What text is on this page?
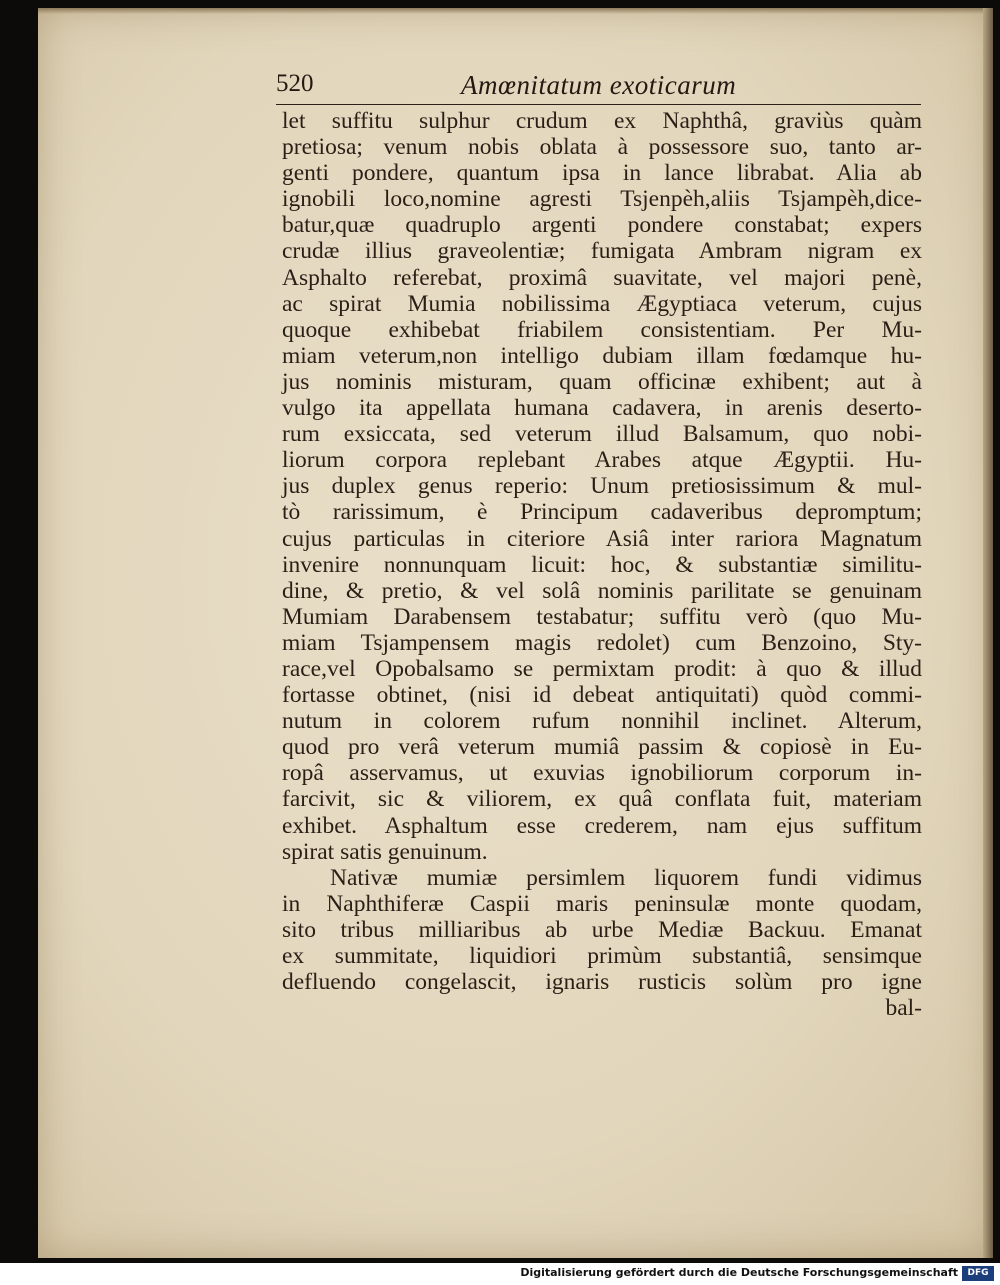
520	Amœnitatum exoticarum
let suffitu sulphur crudum ex Naphthâ, graviùs quàm
pretiosa; venum nobis oblata à possessore suo, tanto ar-
genti pondere, quantum ipsa in lance librabat. Alia ab
ignobili loco,nomine agresti Tsjenpèh,aliis Tsjampèh,dice-
batur,quæ quadruplo argenti pondere constabat; expers
crudæ illius graveolentiæ; fumigata Ambram nigram ex
Asphalto referebat, proximâ suavitate, vel majori penè,
ac spirat Mumia nobilissima Ægyptiaca veterum, cujus
quoque exhibebat friabilem consistentiam. Per Mu-
miam veterum,non intelligo dubiam illam fœdamque hu-
jus nominis misturam, quam officinæ exhibent; aut à
vulgo ita appellata humana cadavera, in arenis deserto-
rum exsiccata, sed veterum illud Balsamum, quo nobi-
liorum corpora replebant Arabes atque Ægyptii. Hu-
jus duplex genus reperio: Unum pretiosissimum & mul-
tò rarissimum, è Principum cadaveribus depromptum;
cujus particulas in citeriore Asiâ inter rariora Magnatum
invenire nonnunquam licuit: hoc, & substantiæ similitu-
dine, & pretio, & vel solâ nominis parilitate se genuinam
Mumiam Darabensem testabatur; suffitu verò (quo Mu-
miam Tsjampensem magis redolet) cum Benzoino, Sty-
race,vel Opobalsamo se permixtam prodit: à quo & illud
fortasse obtinet, (nisi id debeat antiquitati) quòd commi-
nutum in colorem rufum nonnihil inclinet. Alterum,
quod pro verâ veterum mumiâ passim & copiosè in Eu-
ropâ asservamus, ut exuvias ignobiliorum corporum in-
farcivit, sic & viliorem, ex quâ conflata fuit, materiam
exhibet. Asphaltum esse crederem, nam ejus suffitum
spirat satis genuinum.
Nativæ mumiæ persimlem liquorem fundi vidimus
in Naphthiferæ Caspii maris peninsulæ monte quodam,
sito tribus milliaribus ab urbe Mediæ Backuu. Emanat
ex summitate, liquidiori primùm substantiâ, sensimque
defluendo congelascit, ignaris rusticis solùm pro igne
bal-
Digitalisierung gefördert durch die Deutsche Forschungsgemeinschaft	DFG
